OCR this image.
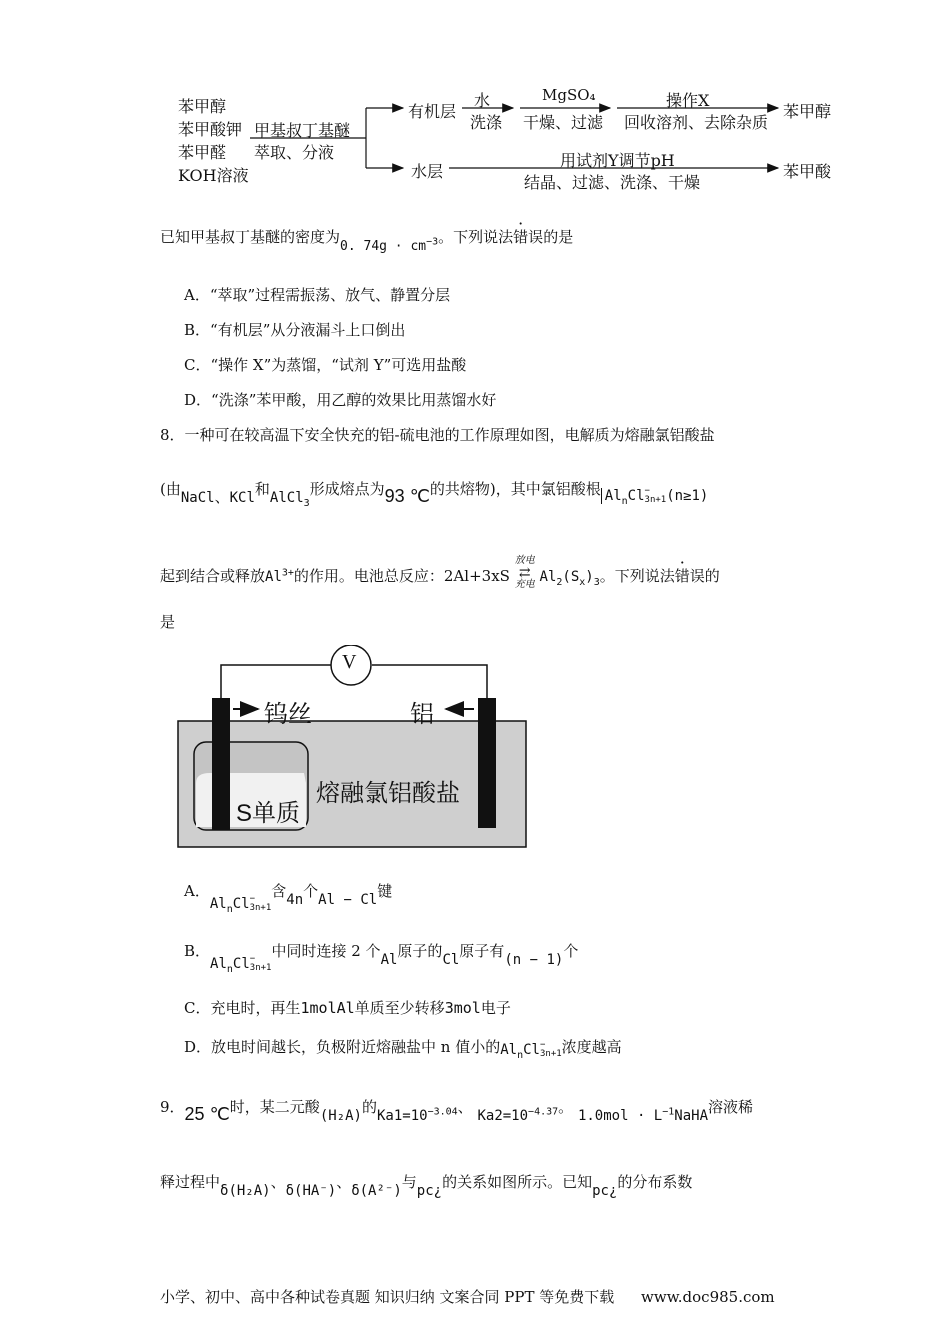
苯甲醇
苯甲酸钾
苯甲醛
KOH溶液
甲基叔丁基醚
萃取、分液
有机层
水
洗涤
MgSO₄
干燥、过滤
操作X
回收溶剂、去除杂质
苯甲醇
水层
用试剂Y调节pH
结晶、过滤、洗涤、干燥
苯甲酸
已知甲基叔丁基醚的密度为0. $74g \cdot cm^{-3}$。下列说法错误的是
A．“萃取”过程需振荡、放气、静置分层
B．“有机层”从分液漏斗上口倒出
C．“操作 X”为蒸馏，“试剂 Y”可选用盐酸
D．“洗涤”苯甲酸，用乙醇的效果比用蒸馏水好
8．一种可在较高温下安全快充的铝-硫电池的工作原理如图，电解质为熔融氯铝酸盐
(由NaCl、KCl和AlCl$_3$形成熔点为93 ℃的共熔物)，其中氯铝酸根 $Al_nCl$ −
3n+1 (n≥1)
起到结合或释放$Al^{3+}$的作用。电池总反应：2Al+3xS
放电
⇄
充电 $Al_2(S_x)_3$。下列说法错误的
是
V
钨丝	铝
熔融氯铝酸盐
S单质
A．$Al_nCl$ −
3n+1
含4n个Al − Cl键
B．$Al_nCl$ −
3n+1
中同时连接 2 个Al原子的Cl原子有(n − 1)个
C．充电时，再生1molAl单质至少转移3mol电子
D．放电时间越长，负极附近熔融盐中 n 值小的$Al_nCl$ −
3n+1 浓度越高
9．25 ℃时，某二元酸(H₂A)的$Ka1=10^{-3.04}$、 $Ka2=10^{-4.37}$。 $1.0mol \cdot L^{-1}NaHA$溶液稀
释过程中δ(H₂A)、δ(HA⁻)、δ(A²⁻)与pc¿的关系如图所示。已知pc¿的分布系数
小学、初中、高中各种试卷真题 知识归纳 文案合同 PPT 等免费下载 www.doc985.com
